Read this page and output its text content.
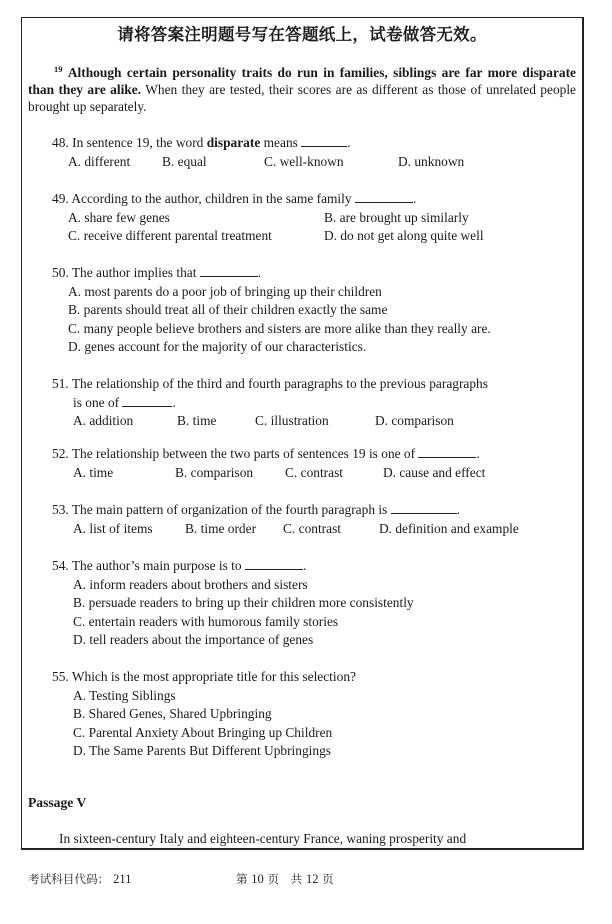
请将答案注明题号写在答题纸上，试卷做答无效。
$^{19}$ Although certain personality traits do run in families, siblings are far more disparate than they are alike. When they are tested, their scores are as different as those of unrelated people brought up separately.
48. In sentence 19, the word disparate means	.
A. different	B. equal	C. well-known	D. unknown
49. According to the author, children in the same family	.
A. share few genes	B. are brought up similarly
C. receive different parental treatment	D. do not get along quite well
50. The author implies that	.
A. most parents do a poor job of bringing up their children
B. parents should treat all of their children exactly the same
C. many people believe brothers and sisters are more alike than they really are.
D. genes account for the majority of our characteristics.
51. The relationship of the third and fourth paragraphs to the previous paragraphs
is one of	.
A. addition	B. time	C. illustration	D. comparison
52. The relationship between the two parts of sentences 19 is one of	.
A. time	B. comparison	C. contrast	D. cause and effect
53. The main pattern of organization of the fourth paragraph is	.
A. list of items	B. time order	C. contrast	D. definition and example
54. The author’s main purpose is to	.
A. inform readers about brothers and sisters
B. persuade readers to bring up their children more consistently
C. entertain readers with humorous family stories
D. tell readers about the importance of genes
55. Which is the most appropriate title for this selection?
A. Testing Siblings
B. Shared Genes, Shared Upbringing
C. Parental Anxiety About Bringing up Children
D. The Same Parents But Different Upbringings
Passage V
In sixteen-century Italy and eighteen-century France, waning prosperity and
考试科目代码： 211	第 10 页　共 12 页
